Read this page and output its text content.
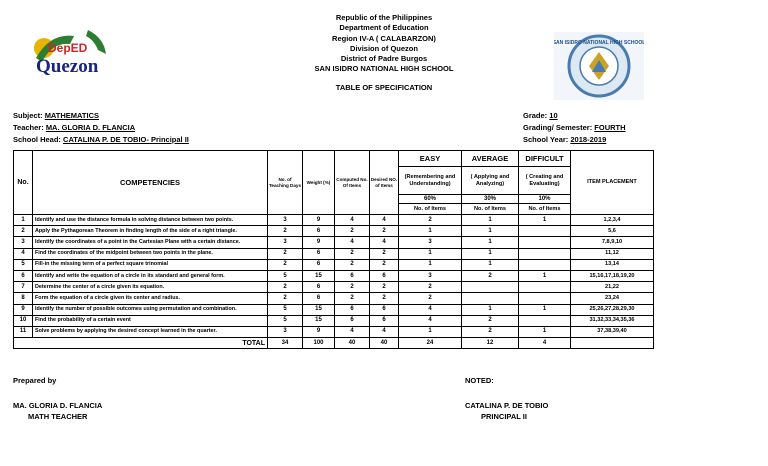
DepED
Quezon
SAN ISIDRO NATIONAL HIGH SCHOOL
Republic of the Philippines
Department of Education
Region IV-A ( CALABARZON)
Division of Quezon
District of Padre Burgos
SAN ISIDRO NATIONAL HIGH SCHOOL
TABLE OF SPECIFICATION
Subject: MATHEMATICS
Teacher: MA. GLORIA D. FLANCIA
School Head: CATALINA P. DE TOBIO- Principal II
Grade: 10
Grading/ Semester: FOURTH
School Year: 2018-2019
No.	COMPETENCIES	No. of Teaching Days	Weight (%)	Computed No. Of Items	Desired NO. of Items	EASY	AVERAGE	DIFFICULT	ITEM PLACEMENT
						(Remembering and Understanding)	( Applying and Analyzing)	( Creating and Evaluating)	
						60%	30%	10%	
						No. of Items	No. of Items	No. of Items	
1	Identify and use the distance formula in solving distance between two points.	3	9	4	4	2	1	1	1,2,3,4
2	Apply the Pythagorean Theorem in finding length of the side of a right triangle.	2	6	2	2	1	1		5,6
3	Identify the coordinates of a point in the Cartesian Plane with a certain distance.	3	9	4	4	3	1		7,8,9,10
4	Find the coordinates of the midpoint between two points in the plane.	2	6	2	2	1	1		11,12
5	Fill-in the missing term of a perfect square trinomial	2	6	2	2	1	1		13,14
6	Identify and write the equation of a circle in its standard and general form.	5	15	6	6	3	2	1	15,16,17,18,19,20
7	Determine the center of a circle given its equation.	2	6	2	2	2			21,22
8	Form the equation of a circle given its center and radius.	2	6	2	2	2			23,24
9	Identify the number of possible outcomes using permutation and combination.	5	15	6	6	4	1	1	25,26,27,28,29,30
10	Find the probability of a certain event	5	15	6	6	4	2		31,32,33,34,35,36
11	Solve problems by applying the desired concept learned in the quarter.	3	9	4	4	1	2	1	37,38,39,40
TOTAL		34	100	40	40	24	12	4	
Prepared by
MA. GLORIA D. FLANCIA
MATH TEACHER
NOTED:
CATALINA P. DE TOBIO
PRINCIPAL II
